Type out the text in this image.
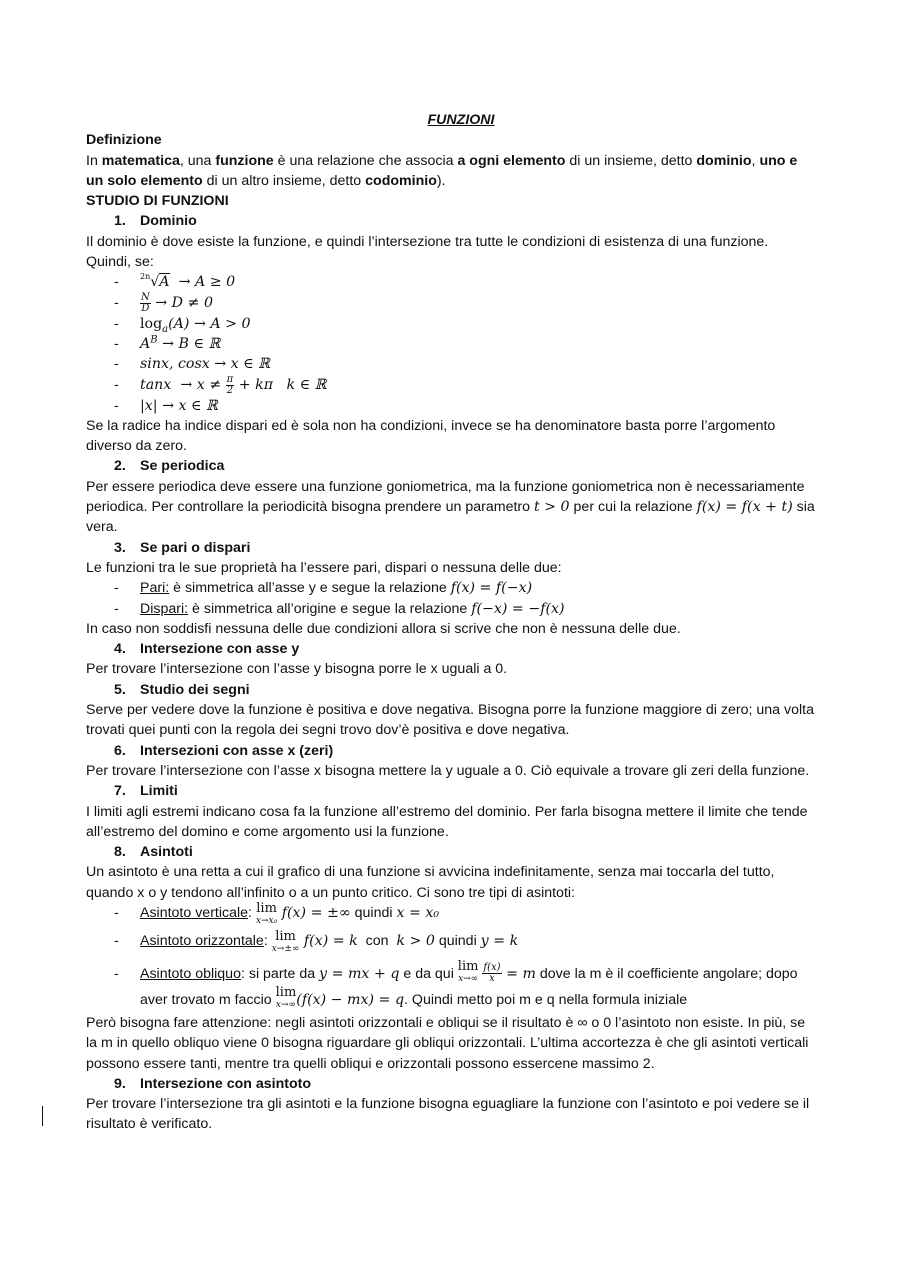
FUNZIONI

Definizione

In matematica, una funzione è una relazione che associa a ogni elemento di un insieme, detto dominio, uno e un solo elemento di un altro insieme, detto codominio).

STUDIO DI FUNZIONI

1. Dominio

Il dominio è dove esiste la funzione, e quindi l’intersezione tra tutte le condizioni di esistenza di una funzione. Quindi, se:

- $^{2n}$√A → A ≥ 0
- $\frac{N}{D} \to D \ne 0$
- $\log_a(A) \to A > 0$
- $A^B \to B$ ∈ ℝ
- sinx, cosx → x ∈ ℝ
- $\tan x \to x \ne \frac{\pi}{2} + k\pi$   k ∈ ℝ
- |x| → x ∈ ℝ

Se la radice ha indice dispari ed è sola non ha condizioni, invece se ha denominatore basta porre l’argomento diverso da zero.

2. Se periodica

Per essere periodica deve essere una funzione goniometrica, ma la funzione goniometrica non è necessariamente periodica. Per controllare la periodicità bisogna prendere un parametro t > 0 per cui la relazione f(x) = f(x + t) sia vera.

3. Se pari o dispari

Le funzioni tra le sue proprietà ha l’essere pari, dispari o nessuna delle due:

- Pari: è simmetrica all’asse y e segue la relazione f(x) = f(−x)
- Dispari: è simmetrica all’origine e segue la relazione f(−x) = −f(x)

In caso non soddisfi nessuna delle due condizioni allora si scrive che non è nessuna delle due.

4. Intersezione con asse y

Per trovare l’intersezione con l’asse y bisogna porre le x uguali a 0.

5. Studio dei segni

Serve per vedere dove la funzione è positiva e dove negativa. Bisogna porre la funzione maggiore di zero; una volta trovati quei punti con la regola dei segni trovo dov’è positiva e dove negativa.

6. Intersezioni con asse x (zeri)

Per trovare l’intersezione con l’asse x bisogna mettere la y uguale a 0. Ciò equivale a trovare gli zeri della funzione.

7. Limiti

I limiti agli estremi indicano cosa fa la funzione all’estremo del dominio. Per farla bisogna mettere il limite che tende all’estremo del domino e come argomento usi la funzione.

8. Asintoti

Un asintoto è una retta a cui il grafico di una funzione si avvicina indefinitamente, senza mai toccarla del tutto, quando x o y tendono all’infinito o a un punto critico. Ci sono tre tipi di asintoti:

- Asintoto verticale: lim
x→x₀ f(x) = ±∞ quindi x = x₀
- Asintoto orizzontale: lim
x→±∞ f(x) = k  con  k > 0 quindi y = k
- Asintoto obliquo: si parte da y = mx + q e da qui lim
x→∞
$\frac{f(x)}{x} = m$ dove la m è il coefficiente angolare; dopo aver trovato m faccio lim
x→∞ (f(x) − mx) = q. Quindi metto poi m e q nella formula iniziale

Però bisogna fare attenzione: negli asintoti orizzontali e obliqui se il risultato è ∞ o 0 l’asintoto non esiste. In più, se la m in quello obliquo viene 0 bisogna riguardare gli obliqui orizzontali. L’ultima accortezza è che gli asintoti verticali possono essere tanti, mentre tra quelli obliqui e orizzontali possono essercene massimo 2.

9. Intersezione con asintoto

Per trovare l’intersezione tra gli asintoti e la funzione bisogna eguagliare la funzione con l’asintoto e poi vedere se il risultato è verificato.
